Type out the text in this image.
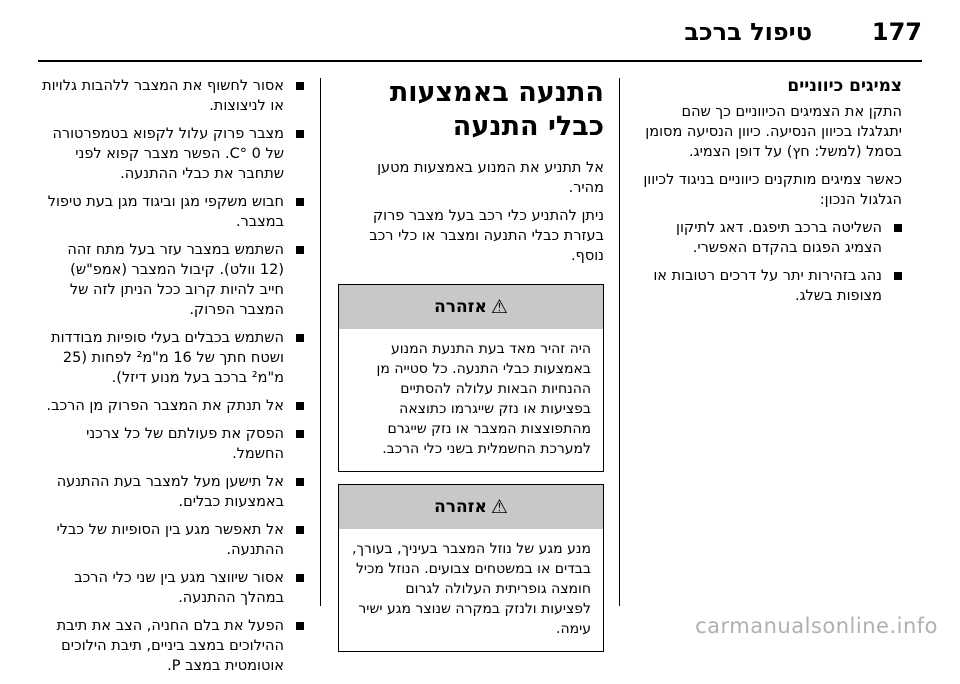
177
טיפול ברכב
צמיגים כיווניים

התקן את הצמיגים הכיווניים כך שהם יתגלגלו בכיוון הנסיעה. כיוון הנסיעה מסומן בסמל (למשל: חץ) על דופן הצמיג.

כאשר צמיגים מותקנים כיווניים בניגוד לכיוון הגלגול הנכון:

השליטה ברכב תיפגם. דאג לתיקון הצמיג הפגום בהקדם האפשרי.
נהג בזהירות יתר על דרכים רטובות או מצופות בשלג.
התנעה באמצעות כבלי התנעה

אל תתניע את המנוע באמצעות מטען מהיר.

ניתן להתניע כלי רכב בעל מצבר פרוק בעזרת כבלי התנעה ומצבר או כלי רכב נוסף.

⚠
אזהרה
היה זהיר מאד בעת התנעת המנוע באמצעות כבלי התנעה. כל סטייה מן ההנחיות הבאות עלולה להסתיים בפציעות או נזק שייגרמו כתוצאה מהתפוצצות המצבר או נזק שייגרם למערכת החשמלית בשני כלי הרכב.
⚠
אזהרה
מנע מגע של נוזל המצבר בעיניך, בעורך, בבדים או במשטחים צבועים. הנוזל מכיל חומצה גופריתית העלולה לגרום לפציעות ולנזק במקרה שנוצר מגע ישיר עימה.
אסור לחשוף את המצבר ללהבות גלויות או לניצוצות.
מצבר פרוק עלול לקפוא בטמפרטורה של 0 °C. הפשר מצבר קפוא לפני שתחבר את כבלי ההתנעה.
חבוש משקפי מגן וביגוד מגן בעת טיפול במצבר.
השתמש במצבר עזר בעל מתח זהה (12 וולט). קיבול המצבר (אמפ"ש) חייב להיות קרוב ככל הניתן לזה של המצבר הפרוק.
השתמש בכבלים בעלי סופיות מבודדות ושטח חתך של 16 מ"מ² לפחות (25 מ"מ² ברכב בעל מנוע דיזל).
אל תנתק את המצבר הפרוק מן הרכב.
הפסק את פעולתם של כל צרכני החשמל.
אל תישען מעל למצבר בעת ההתנעה באמצעות כבלים.
אל תאפשר מגע בין הסופיות של כבלי ההתנעה.
אסור שיווצר מגע בין שני כלי הרכב במהלך ההתנעה.
הפעל את בלם החניה, הצב את תיבת ההילוכים במצב ביניים, תיבת הילוכים אוטומטית במצב P.
carmanualsonline.info
